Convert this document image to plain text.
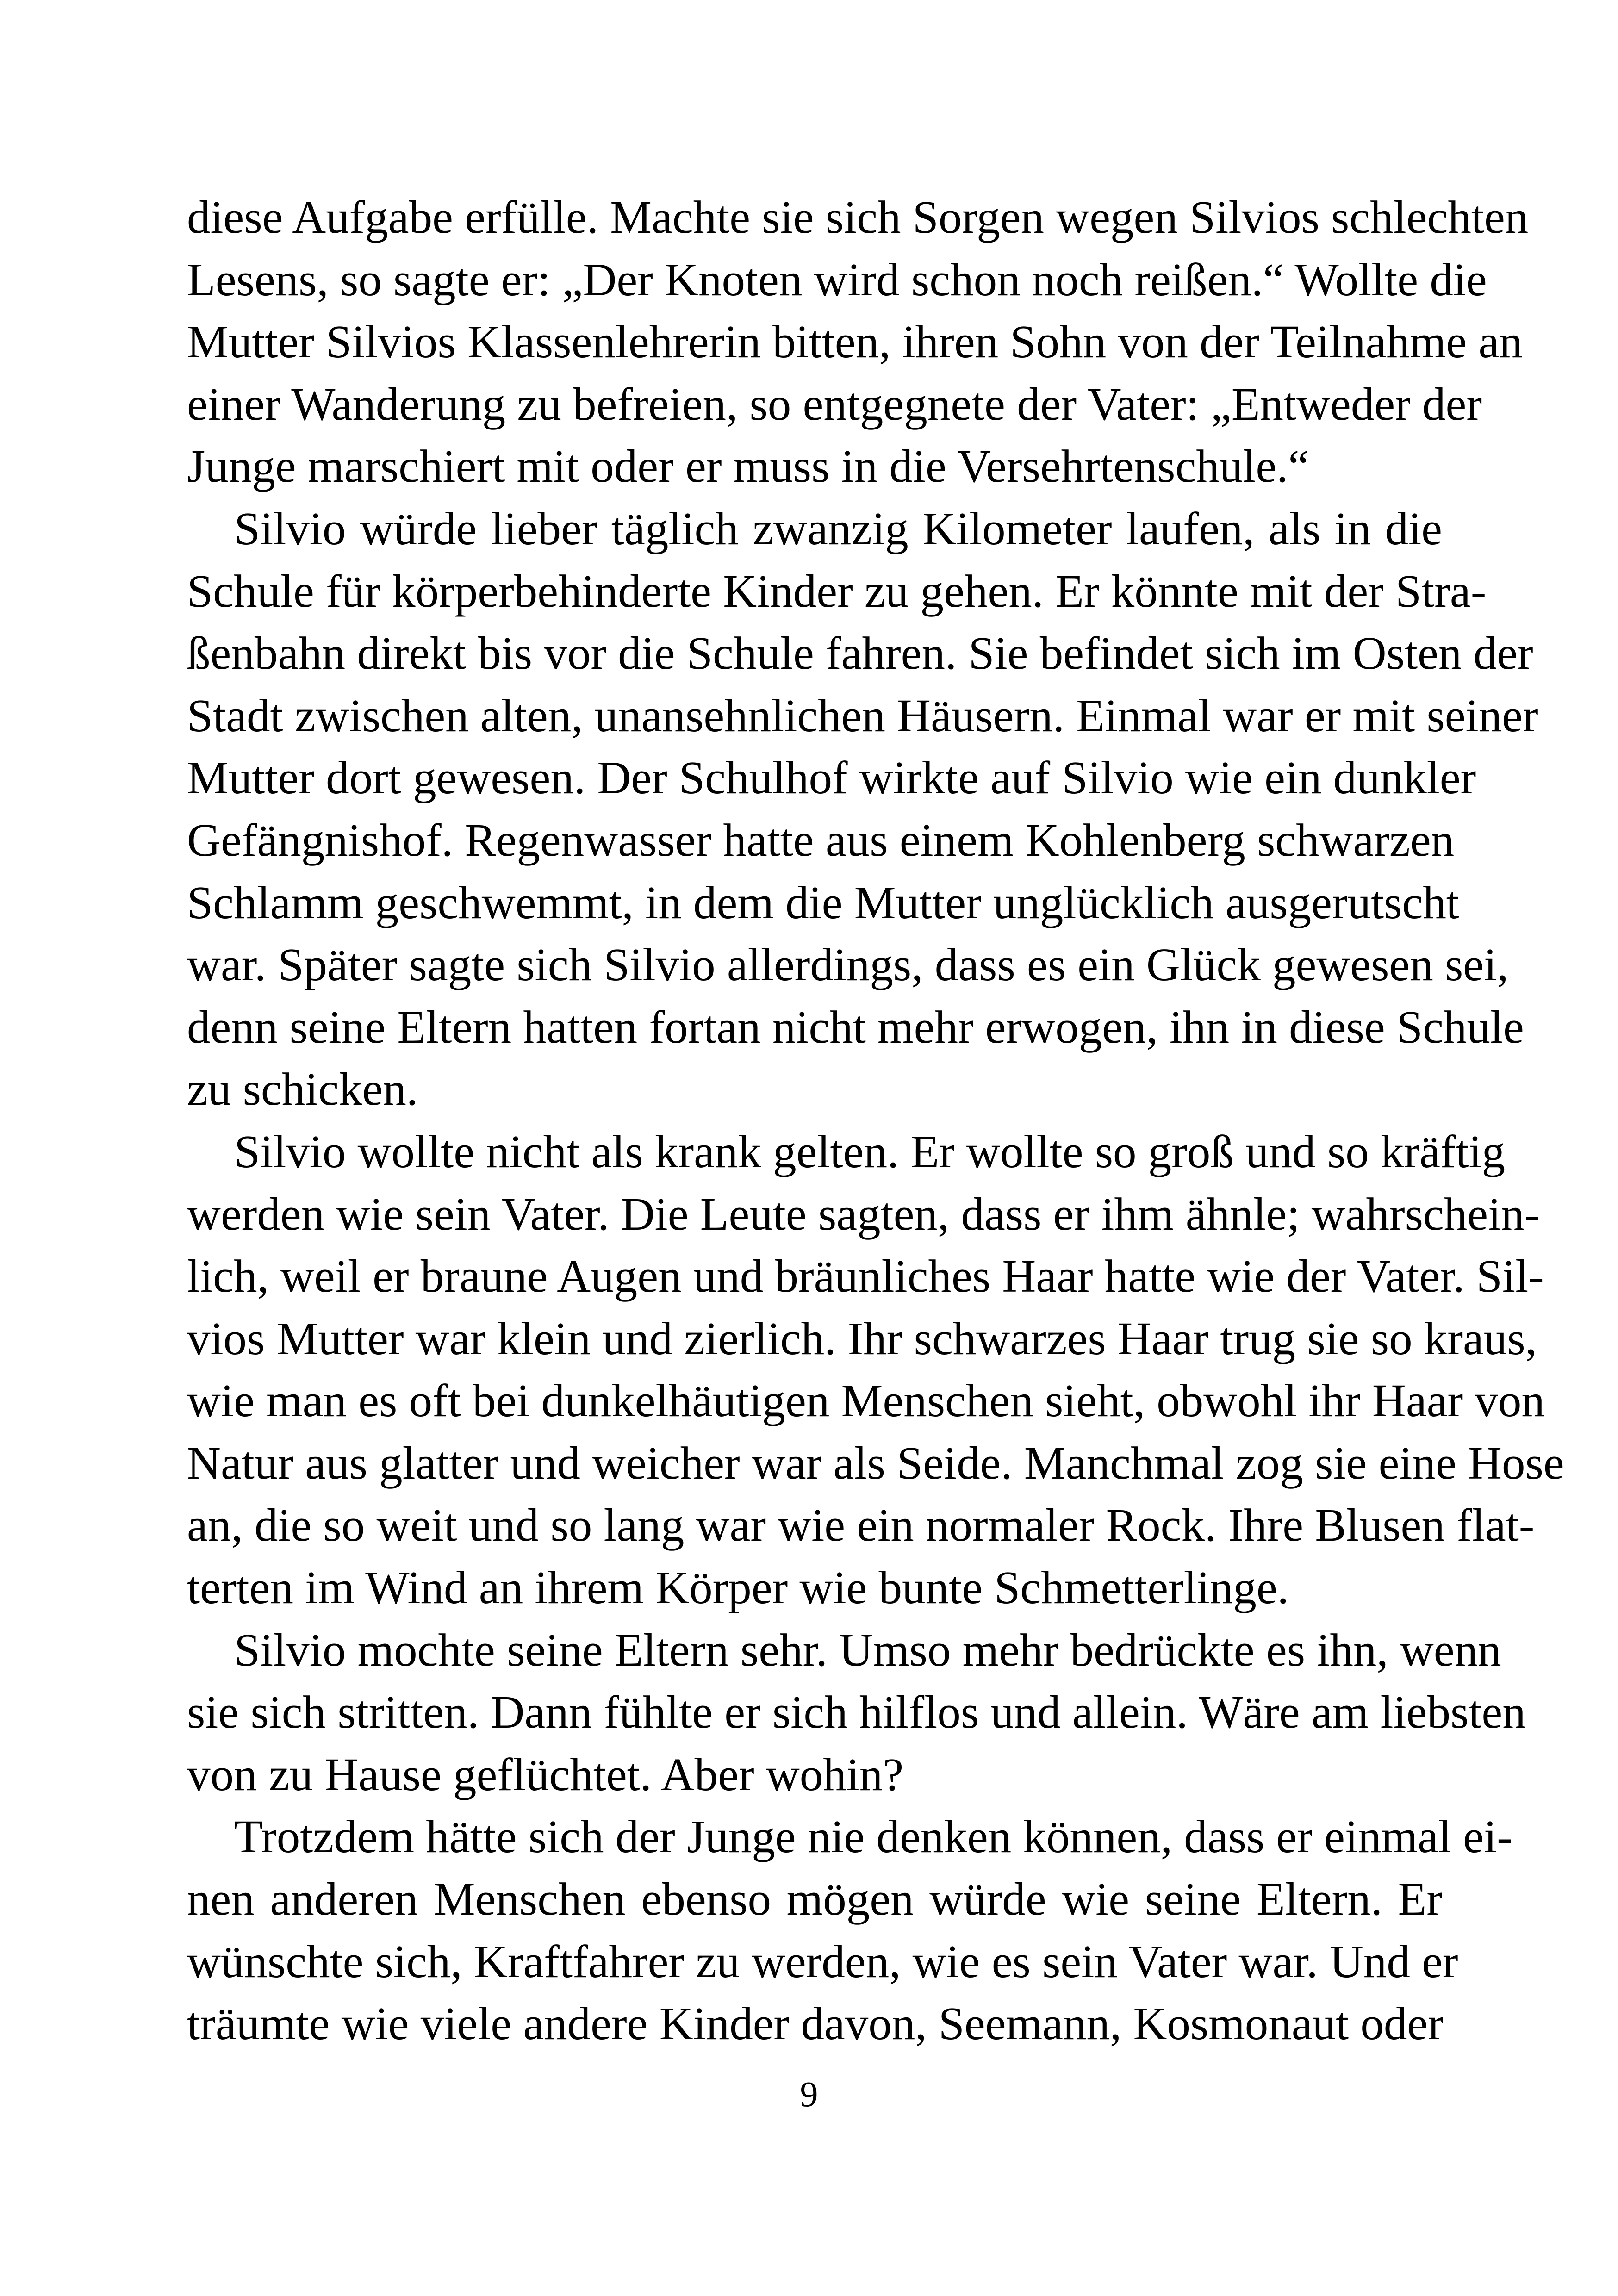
diese Aufgabe erfülle. Machte sie sich Sorgen wegen Silvios schlechten
Lesens, so sagte er: „Der Knoten wird schon noch reißen.“ Wollte die
Mutter Silvios Klassenlehrerin bitten, ihren Sohn von der Teilnahme an
einer Wanderung zu befreien, so entgegnete der Vater: „Entweder der
Junge marschiert mit oder er muss in die Versehrtenschule.“
Silvio würde lieber täglich zwanzig Kilometer laufen, als in die
Schule für körperbehinderte Kinder zu gehen. Er könnte mit der Stra-
ßenbahn direkt bis vor die Schule fahren. Sie befindet sich im Osten der
Stadt zwischen alten, unansehnlichen Häusern. Einmal war er mit seiner
Mutter dort gewesen. Der Schulhof wirkte auf Silvio wie ein dunkler
Gefängnishof. Regenwasser hatte aus einem Kohlenberg schwarzen
Schlamm geschwemmt, in dem die Mutter unglücklich ausgerutscht
war. Später sagte sich Silvio allerdings, dass es ein Glück gewesen sei,
denn seine Eltern hatten fortan nicht mehr erwogen, ihn in diese Schule
zu schicken.
Silvio wollte nicht als krank gelten. Er wollte so groß und so kräftig
werden wie sein Vater. Die Leute sagten, dass er ihm ähnle; wahrschein-
lich, weil er braune Augen und bräunliches Haar hatte wie der Vater. Sil-
vios Mutter war klein und zierlich. Ihr schwarzes Haar trug sie so kraus,
wie man es oft bei dunkelhäutigen Menschen sieht, obwohl ihr Haar von
Natur aus glatter und weicher war als Seide. Manchmal zog sie eine Hose
an, die so weit und so lang war wie ein normaler Rock. Ihre Blusen flat-
terten im Wind an ihrem Körper wie bunte Schmetterlinge.
Silvio mochte seine Eltern sehr. Umso mehr bedrückte es ihn, wenn
sie sich stritten. Dann fühlte er sich hilflos und allein. Wäre am liebsten
von zu Hause geflüchtet. Aber wohin?
Trotzdem hätte sich der Junge nie denken können, dass er einmal ei-
nen anderen Menschen ebenso mögen würde wie seine Eltern. Er
wünschte sich, Kraftfahrer zu werden, wie es sein Vater war. Und er
träumte wie viele andere Kinder davon, Seemann, Kosmonaut oder
9
